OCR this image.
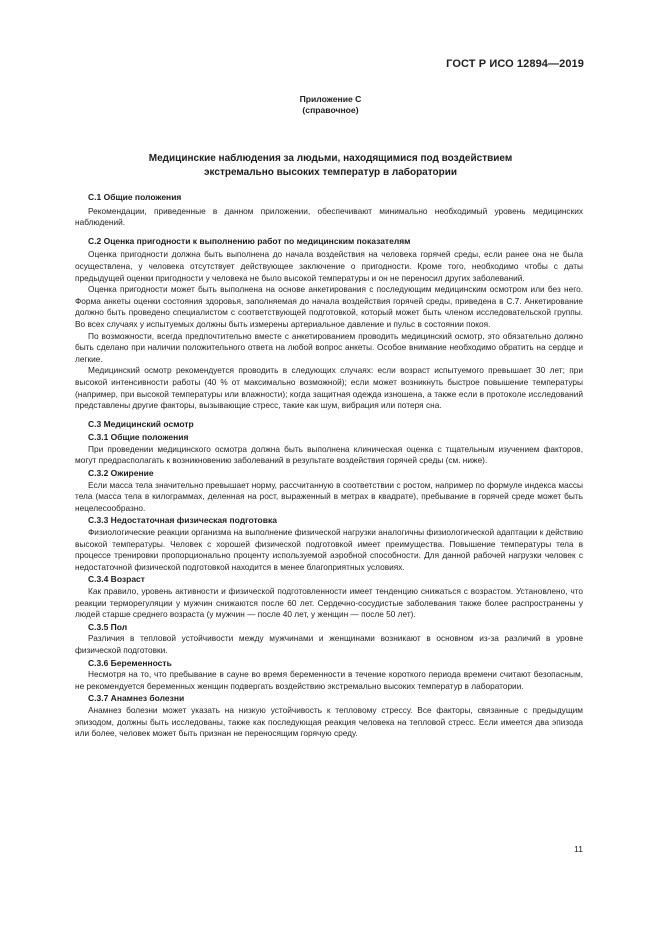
ГОСТ Р ИСО 12894—2019
Приложение С
(справочное)
Медицинские наблюдения за людьми, находящимися под воздействием
экстремально высоких температур в лаборатории
С.1 Общие положения

Рекомендации, приведенные в данном приложении, обеспечивают минимально необходимый уровень медицинских наблюдений.

С.2 Оценка пригодности к выполнению работ по медицинским показателям

Оценка пригодности должна быть выполнена до начала воздействия на человека горячей среды, если ранее она не была осуществлена, у человека отсутствует действующее заключение о пригодности. Кроме того, необходимо чтобы с даты предыдущей оценки пригодности у человека не было высокой температуры и он не переносил других заболеваний.

Оценка пригодности может быть выполнена на основе анкетирования с последующим медицинским осмотром или без него. Форма анкеты оценки состояния здоровья, заполняемая до начала воздействия горячей среды, приведена в С.7. Анкетирование должно быть проведено специалистом с соответствующей подготовкой, который может быть членом исследовательской группы. Во всех случаях у испытуемых должны быть измерены артериальное давление и пульс в состоянии покоя.

По возможности, всегда предпочтительно вместе с анкетированием проводить медицинский осмотр, это обязательно должно быть сделано при наличии положительного ответа на любой вопрос анкеты. Особое внимание необходимо обратить на сердце и легкие.

Медицинский осмотр рекомендуется проводить в следующих случаях: если возраст испытуемого превышает 30 лет; при высокой интенсивности работы (40 % от максимально возможной); если может возникнуть быстрое повышение температуры (например, при высокой температуры или влажности); когда защитная одежда изношена, а также если в протоколе исследований представлены другие факторы, вызывающие стресс, такие как шум, вибрация или потеря сна.

С.3 Медицинский осмотр
С.3.1 Общие положения

При проведении медицинского осмотра должна быть выполнена клиническая оценка с тщательным изучением факторов, могут предрасполагать к возникновению заболеваний в результате воздействия горячей среды (см. ниже).

С.3.2 Ожирение

Если масса тела значительно превышает норму, рассчитанную в соответствии с ростом, например по формуле индекса массы тела (масса тела в килограммах, деленная на рост, выраженный в метрах в квадрате), пребывание в горячей среде может быть нецелесообразно.

С.3.3 Недостаточная физическая подготовка

Физиологические реакции организма на выполнение физической нагрузки аналогичны физиологической адаптации к действию высокой температуры. Человек с хорошей физической подготовкой имеет преимущества. Повышение температуры тела в процессе тренировки пропорционально проценту используемой аэробной способности. Для данной рабочей нагрузки человек с недостаточной физической подготовкой находится в менее благоприятных условиях.

С.3.4 Возраст

Как правило, уровень активности и физической подготовленности имеет тенденцию снижаться с возрастом. Установлено, что реакции терморегуляции у мужчин снижаются после 60 лет. Сердечно-сосудистые заболевания также более распространены у людей старше среднего возраста (у мужчин — после 40 лет, у женщин — после 50 лет).

С.3.5 Пол

Различия в тепловой устойчивости между мужчинами и женщинами возникают в основном из-за различий в уровне физической подготовки.

С.3.6 Беременность

Несмотря на то, что пребывание в сауне во время беременности в течение короткого периода времени считают безопасным, не рекомендуется беременных женщин подвергать воздействию экстремально высоких температур в лаборатории.

С.3.7 Анамнез болезни

Анамнез болезни может указать на низкую устойчивость к тепловому стрессу. Все факторы, связанные с предыдущим эпизодом, должны быть исследованы, также как последующая реакция человека на тепловой стресс. Если имеется два эпизода или более, человек может быть признан не переносящим горячую среду.

11
